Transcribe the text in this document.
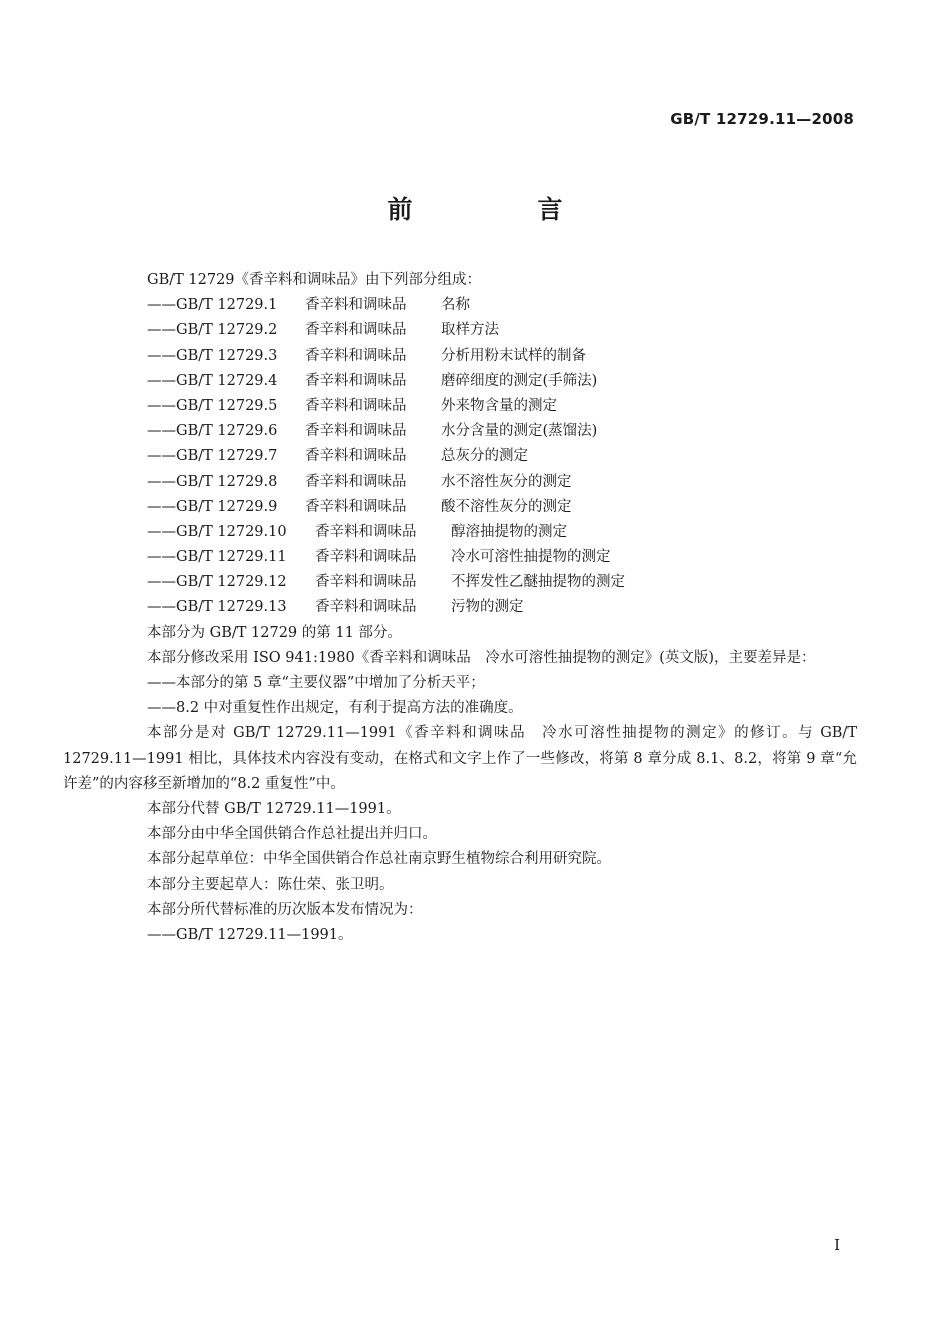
GB/T 12729.11—2008
前　言
GB/T 12729《香辛料和调味品》由下列部分组成：
——GB/T 12729.1	香辛料和调味品	名称
——GB/T 12729.2	香辛料和调味品	取样方法
——GB/T 12729.3	香辛料和调味品	分析用粉末试样的制备
——GB/T 12729.4	香辛料和调味品	磨碎细度的测定(手筛法)
——GB/T 12729.5	香辛料和调味品	外来物含量的测定
——GB/T 12729.6	香辛料和调味品	水分含量的测定(蒸馏法)
——GB/T 12729.7	香辛料和调味品	总灰分的测定
——GB/T 12729.8	香辛料和调味品	水不溶性灰分的测定
——GB/T 12729.9	香辛料和调味品	酸不溶性灰分的测定
——GB/T 12729.10	香辛料和调味品	醇溶抽提物的测定
——GB/T 12729.11	香辛料和调味品	冷水可溶性抽提物的测定
——GB/T 12729.12	香辛料和调味品	不挥发性乙醚抽提物的测定
——GB/T 12729.13	香辛料和调味品	污物的测定
本部分为 GB/T 12729 的第 11 部分。
本部分修改采用 ISO 941:1980《香辛料和调味品　冷水可溶性抽提物的测定》(英文版)，主要差异是：
——本部分的第 5 章“主要仪器”中增加了分析天平；
——8.2 中对重复性作出规定，有利于提高方法的准确度。
本部分是对 GB/T 12729.11—1991《香辛料和调味品　冷水可溶性抽提物的测定》的修订。与 GB/T 12729.11—1991 相比，具体技术内容没有变动，在格式和文字上作了一些修改，将第 8 章分成 8.1、8.2，将第 9 章“允许差”的内容移至新增加的“8.2 重复性”中。
本部分代替 GB/T 12729.11—1991。
本部分由中华全国供销合作总社提出并归口。
本部分起草单位：中华全国供销合作总社南京野生植物综合利用研究院。
本部分主要起草人：陈仕荣、张卫明。
本部分所代替标准的历次版本发布情况为：
——GB/T 12729.11—1991。
I
